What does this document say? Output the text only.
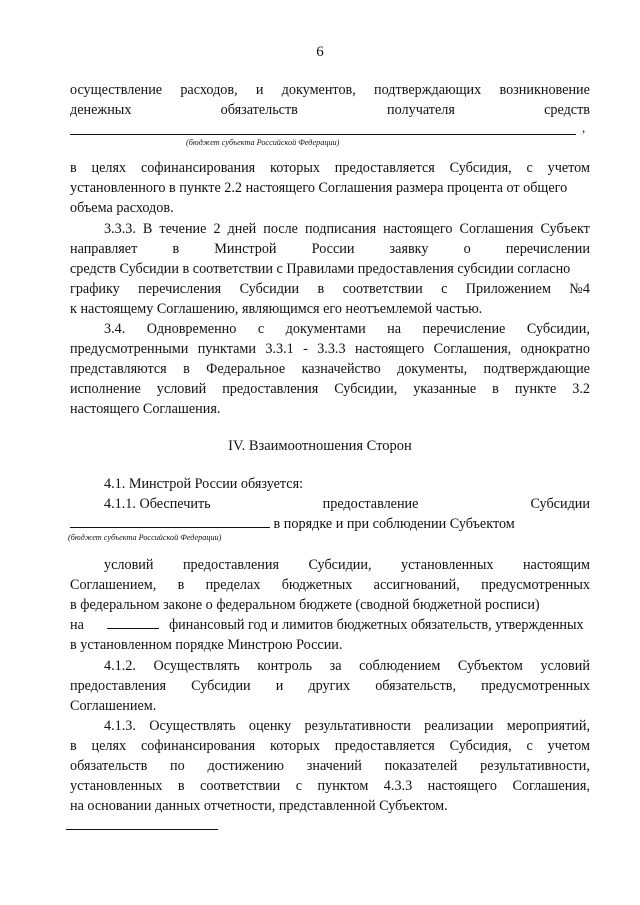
6
осуществление расходов, и документов, подтверждающих возникновение
денежных	обязательств	получателя	средств
,
(бюджет субъекта Российской Федерации)
в целях софинансирования которых предоставляется Субсидия, с учетом
установленного в пункте 2.2 настоящего Соглашения размера процента от общего
объема расходов.
3.3.3. В течение 2 дней после подписания настоящего Соглашения Субъект
направляет в Минстрой России заявку о перечислении
средств Субсидии в соответствии с Правилами предоставления субсидии согласно
графику перечисления Субсидии в соответствии с Приложением №4
к настоящему Соглашению, являющимся его неотъемлемой частью.
3.4. Одновременно с документами на перечисление Субсидии,
предусмотренными пунктами 3.3.1 - 3.3.3 настоящего Соглашения, однократно
представляются в Федеральное казначейство документы, подтверждающие
исполнение условий предоставления Субсидии, указанные в пункте 3.2
настоящего Соглашения.
IV. Взаимоотношения Сторон
4.1. Минстрой России обязуется:
4.1.1. Обеспечить	предоставление	Субсидии
в порядке и при соблюдении Субъектом
(бюджет субъекта Российской Федерации)
условий предоставления Субсидии, установленных настоящим
Соглашением, в пределах бюджетных ассигнований, предусмотренных
в федеральном законе о федеральном бюджете (сводной бюджетной росписи)
на	финансовый год и лимитов бюджетных обязательств, утвержденных
в установленном порядке Минстрою России.
4.1.2. Осуществлять контроль за соблюдением Субъектом условий
предоставления Субсидии и других обязательств, предусмотренных
Соглашением.
4.1.3. Осуществлять оценку результативности реализации мероприятий,
в целях софинансирования которых предоставляется Субсидия, с учетом
обязательств по достижению значений показателей результативности,
установленных в соответствии с пунктом 4.3.3 настоящего Соглашения,
на основании данных отчетности, представленной Субъектом.
